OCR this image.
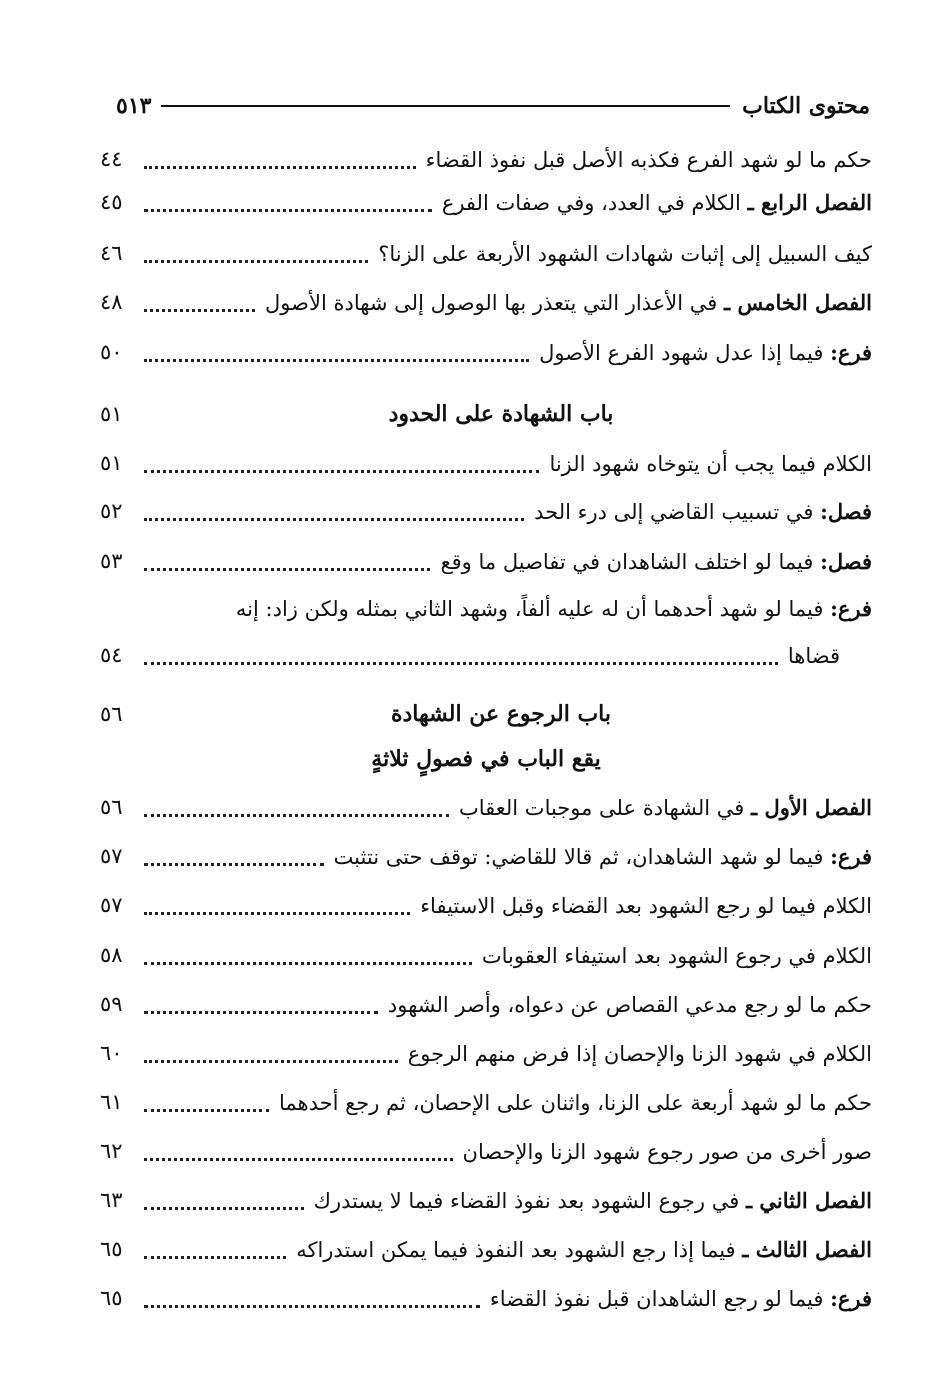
محتوى الكتاب
٥١٣
حكم ما لو شهد الفرع فكذبه الأصل قبل نفوذ القضاء
٤٤
الفصل الرابع ـ الكلام في العدد، وفي صفات الفرع
٤٥
كيف السبيل إلى إثبات شهادات الشهود الأربعة على الزنا؟
٤٦
الفصل الخامس ـ في الأعذار التي يتعذر بها الوصول إلى شهادة الأصول
٤٨
فرع: فيما إذا عدل شهود الفرع الأصول
٥٠
باب الشهادة على الحدود
٥١
الكلام فيما يجب أن يتوخاه شهود الزنا
٥١
فصل: في تسبيب القاضي إلى درء الحد
٥٢
فصل: فيما لو اختلف الشاهدان في تفاصيل ما وقع
٥٣
فرع: فيما لو شهد أحدهما أن له عليه ألفاً، وشهد الثاني بمثله ولكن زاد: إنه
قضاها
٥٤
باب الرجوع عن الشهادة
٥٦
يقع الباب في فصولٍ ثلاثةٍ
الفصل الأول ـ في الشهادة على موجبات العقاب
٥٦
فرع: فيما لو شهد الشاهدان، ثم قالا للقاضي: توقف حتى نتثبت
٥٧
الكلام فيما لو رجع الشهود بعد القضاء وقبل الاستيفاء
٥٧
الكلام في رجوع الشهود بعد استيفاء العقوبات
٥٨
حكم ما لو رجع مدعي القصاص عن دعواه، وأصر الشهود
٥٩
الكلام في شهود الزنا والإحصان إذا فرض منهم الرجوع
٦٠
حكم ما لو شهد أربعة على الزنا، واثنان على الإحصان، ثم رجع أحدهما
٦١
صور أخرى من صور رجوع شهود الزنا والإحصان
٦٢
الفصل الثاني ـ في رجوع الشهود بعد نفوذ القضاء فيما لا يستدرك
٦٣
الفصل الثالث ـ فيما إذا رجع الشهود بعد النفوذ فيما يمكن استدراكه
٦٥
فرع: فيما لو رجع الشاهدان قبل نفوذ القضاء
٦٥
